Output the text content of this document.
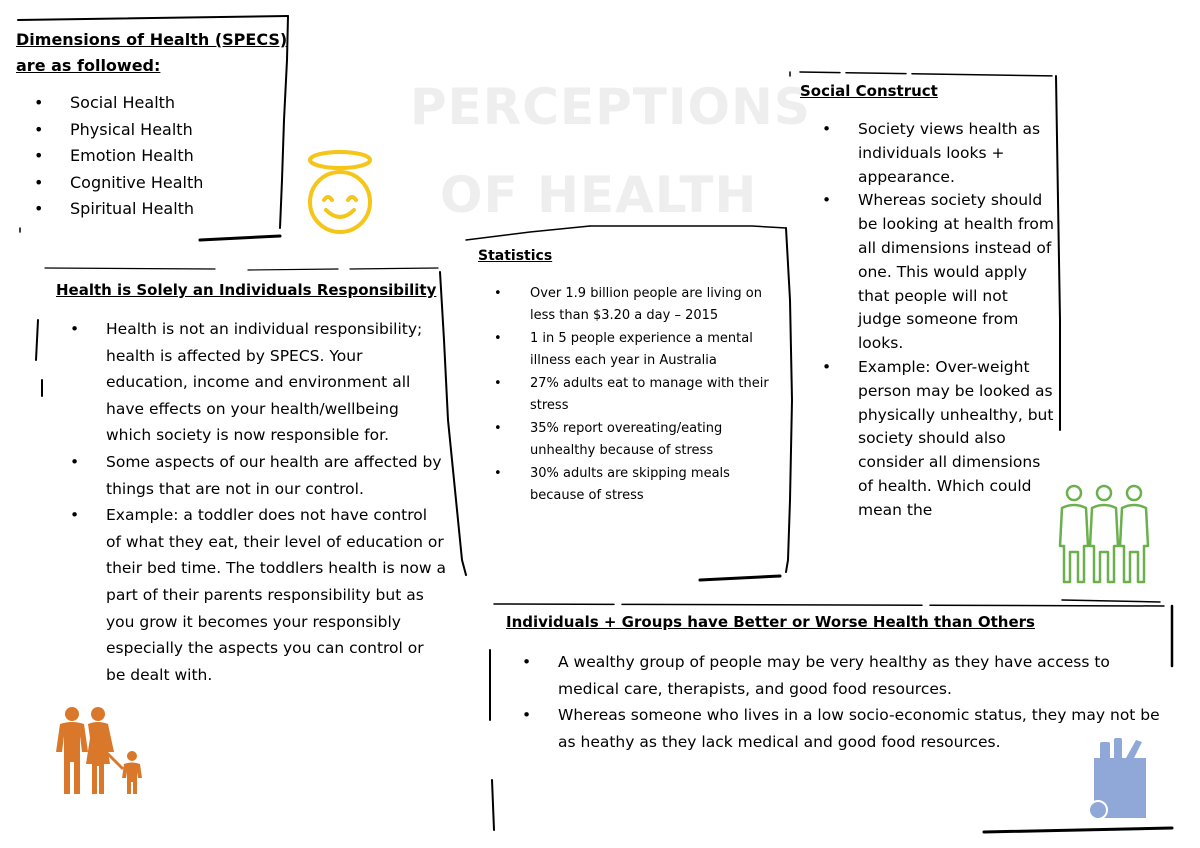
PERCEPTIONS
OF HEALTH
Dimensions of Health (SPECS)
are as followed:
• Social Health
• Physical Health
• Emotion Health
• Cognitive Health
• Spiritual Health
Health is Solely an Individuals Responsibility
• Health is not an individual responsibility; health is affected by SPECS. Your education, income and environment all have effects on your health/wellbeing which society is now responsible for.
• Some aspects of our health are affected by things that are not in our control.
• Example: a toddler does not have control of what they eat, their level of education or their bed time. The toddlers health is now a part of their parents responsibility but as you grow it becomes your responsibly especially the aspects you can control or be dealt with.
Statistics
• Over 1.9 billion people are living on less than $3.20 a day – 2015
• 1 in 5 people experience a mental illness each year in Australia
• 27% adults eat to manage with their stress
• 35% report overeating/eating unhealthy because of stress
• 30% adults are skipping meals because of stress
Social Construct
• Society views health as individuals looks + appearance.
• Whereas society should be looking at health from all dimensions instead of one. This would apply that people will not judge someone from looks.
• Example: Over-weight person may be looked as physically unhealthy, but society should also consider all dimensions of health. Which could mean the
Individuals + Groups have Better or Worse Health than Others
• A wealthy group of people may be very healthy as they have access to medical care, therapists, and good food resources.
• Whereas someone who lives in a low socio-economic status, they may not be as heathy as they lack medical and good food resources.
